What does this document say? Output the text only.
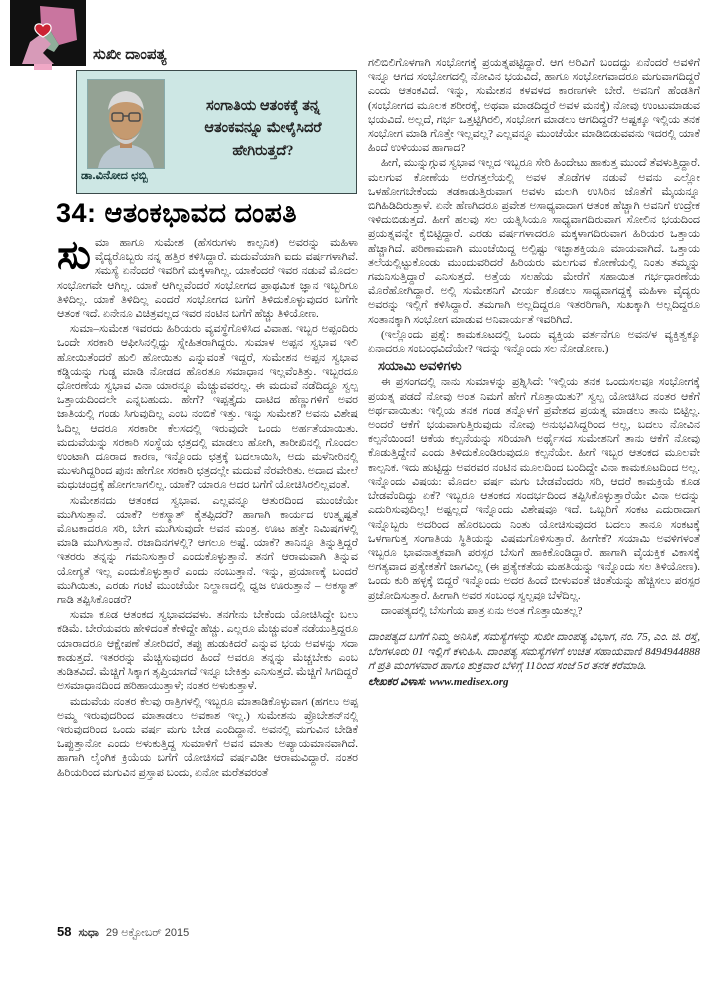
ಸುಖೀ ದಾಂಪತ್ಯ
ಡಾ.ವಿನೋದ ಛಬ್ಬಿ
ಸಂಗಾತಿಯ ಆತಂಕಕ್ಕೆ ತನ್ನ ಆತಂಕವನ್ನೂ ಮೇಳೈಸಿದರೆ ಹೇಗಿರುತ್ತದೆ?
34: ಆತಂಕಭಾವದ ದಂಪತಿ

ಸುಮಾ ಹಾಗೂ ಸುಮೇಶ (ಹೆಸರುಗಳು ಕಾಲ್ಪನಿಕ) ಅವರನ್ನು ಮಹಿಳಾ ವೈದ್ಯರೊಬ್ಬರು ನನ್ನ ಹತ್ತಿರ ಕಳಿಸಿದ್ದಾರೆ. ಮದುವೆಯಾಗಿ ಐದು ವರ್ಷಗಳಾಗಿವೆ. ಸಮಸ್ಯೆ ಏನೆಂದರೆ ಇವರಿಗೆ ಮಕ್ಕಳಾಗಿಲ್ಲ. ಯಾಕೆಂದರೆ ಇವರ ನಡುವೆ ಮೊದಲ ಸಂಭೋಗವೇ ಆಗಿಲ್ಲ. ಯಾಕೆ ಆಗಿಲ್ಲವೆಂದರೆ ಸಂಭೋಗದ ಪ್ರಾಥಮಿಕ ಜ್ಞಾನ ಇಬ್ಬರಿಗೂ ತಿಳಿದಿಲ್ಲ. ಯಾಕೆ ತಿಳಿದಿಲ್ಲ ಎಂದರೆ ಸಂಭೋಗದ ಬಗೆಗೆ ತಿಳಿದುಕೊಳ್ಳುವುದರ ಬಗೆಗೇ ಆತಂಕ ಇದೆ. ಏನೇನೂ ವಿಚಿತ್ರವಲ್ಲದ ಇವರ ನಂಟಿನ ಬಗೆಗೆ ಹೆಚ್ಚು ತಿಳಿಯೋಣ.

ಸುಮಾ–ಸುಮೇಶ ಇವರದು ಹಿರಿಯರು ವ್ಯವಸ್ಥೆಗೊಳಿಸಿದ ವಿವಾಹ. ಇಬ್ಬರ ಅಪ್ಪಂದಿರು ಒಂದೇ ಸರಕಾರಿ ಆಫೀಸಿನಲ್ಲಿದ್ದು ಸ್ನೇಹಿತರಾಗಿದ್ದರು. ಸುಮಾಳ ಅಪ್ಪನ ಸ್ವಭಾವ ಇಲಿ ಹೋಯಿತೆಂದರೆ ಹುಲಿ ಹೋಯಿತು ಎನ್ನುವಂತೆ ಇದ್ದರೆ, ಸುಮೇಶನ ಅಪ್ಪನ ಸ್ವಭಾವ ಕಡ್ಡಿಯನ್ನು ಗುಡ್ಡ ಮಾಡಿ ನೋಡದ ಹೊರತೂ ಸಮಾಧಾನ ಇಲ್ಲವೆಂತಿತ್ತು. ಇಬ್ಬರದೂ ಧೋರಣೆಯ ಸ್ವಭಾವ ವಿನಾ ಯಾರನ್ನೂ ಮೆಚ್ಚುವವರಲ್ಲ. ಈ ಮದುವೆ ನಡೆದಿದ್ದೂ ಸ್ವಲ್ಪ ಒತ್ತಾಯದಿಂದಲೇ ಎನ್ನಬಹುದು. ಹೇಗೆ? ಇಪ್ಪತ್ತೈದು ದಾಟಿದ ಹೆಣ್ಣುಗಳಿಗೆ ಅವರ ಜಾತಿಯಲ್ಲಿ ಗಂಡು ಸಿಗುವುದಿಲ್ಲ ಎಂಬ ನಂಬಿಕೆ ಇತ್ತು. ಇನ್ನು ಸುಮೇಶ? ಅವನು ವಿಶೇಷ ಓದಿಲ್ಲ ಆದರೂ ಸರಕಾರೀ ಕೆಲಸದಲ್ಲಿ ಇರುವುದೇ ಒಂದು ಅರ್ಹತೆಯಾಯಿತು. ಮದುವೆಯನ್ನು ಸರಕಾರಿ ಸಂಸ್ಥೆಯ ಛತ್ರದಲ್ಲಿ ಮಾಡಲು ಹೋಗಿ, ತಾರೀಖಿನಲ್ಲಿ ಗೊಂದಲ ಉಂಟಾಗಿ ದೂರಾದ ಕಾರಣ, ಇನ್ನೊಂದು ಛತ್ರಕ್ಕೆ ಬದಲಾಯಿಸಿ, ಅದು ಮಳೆನೀರಿನಲ್ಲಿ ಮುಳುಗಿದ್ದರಿಂದ ಪುನಃ ಹೇಗೋ ಸರಕಾರಿ ಛತ್ರದಲ್ಲೇ ಮದುವೆ ನೆರವೇರಿತು. ಅದಾದ ಮೇಲೆ ಮಧುಚಂದ್ರಕ್ಕೆ ಹೋಗಲಾಗಲಿಲ್ಲ. ಯಾಕೆ? ಯಾರೂ ಅದರ ಬಗೆಗೆ ಯೋಚಿಸಿರಲಿಲ್ಲವಂತೆ.

ಸುಮೇಶನದು ಆತಂಕದ ಸ್ವಭಾವ. ಎಲ್ಲವನ್ನೂ ಆತುರದಿಂದ ಮುಂಚೆಯೇ ಮುಗಿಸುತ್ತಾನೆ. ಯಾಕೆ? ಅಕಸ್ಮಾತ್ ಕೈತಪ್ಪಿದರೆ? ಹಾಗಾಗಿ ಕಾರ್ಯದ ಉತ್ಕೃಷ್ಟತೆ ಮೊಟಕಾದರೂ ಸರಿ, ಬೇಗ ಮುಗಿಸುವುದೇ ಅವನ ಮಂತ್ರ. ಊಟ ಹತ್ತೇ ನಿಮಿಷಗಳಲ್ಲಿ ಮಾಡಿ ಮುಗಿಸುತ್ತಾನೆ. ರಜಾದಿನಗಳಲ್ಲಿ? ಆಗಲೂ ಅಷ್ಟೆ. ಯಾಕೆ? ತಾನಿನ್ನೂ ತಿನ್ನುತ್ತಿದ್ದರೆ ಇತರರು ತನ್ನನ್ನು ಗಮನಿಸುತ್ತಾರೆ ಎಂದುಕೊಳ್ಳುತ್ತಾನೆ. ತನಗೆ ಆರಾಮವಾಗಿ ತಿನ್ನುವ ಯೋಗ್ಯತೆ ಇಲ್ಲ ಎಂದುಕೊಳ್ಳುತ್ತಾರೆ ಎಂದು ನಂಬುತ್ತಾನೆ. ಇನ್ನು, ಪ್ರಯಾಣಕ್ಕೆ ಬಂದರೆ ಮುಗಿಯಿತು, ಎರಡು ಗಂಟೆ ಮುಂಚೆಯೇ ನಿಲ್ದಾಣದಲ್ಲಿ ಧ್ವಜ ಊರುತ್ತಾನೆ – ಅಕಸ್ಮಾತ್ ಗಾಡಿ ತಪ್ಪಿಸಿಕೊಂಡರೆ?

ಸುಮಾ ಕೂಡ ಆತಂಕದ ಸ್ವಭಾವದವಳು. ತನಗೇನು ಬೇಕೆಂದು ಯೋಚಿಸಿದ್ದೇ ಬಲು ಕಡಿಮೆ. ಬೇರೆಯವರು ಹೇಳಿದಂತೆ ಕೇಳಿದ್ದೇ ಹೆಚ್ಚು. ಎಲ್ಲರೂ ಮೆಚ್ಚುವಂತೆ ನಡೆಯುತ್ತಿದ್ದರೂ ಯಾರಾದರೂ ಆಕ್ಷೇಪಣೆ ತೋರಿದರೆ, ತಪ್ಪು ಹುಡುಕಿದರೆ ಎನ್ನುವ ಭಯ ಅವಳನ್ನು ಸದಾ ಕಾಡುತ್ತದೆ. ಇತರರನ್ನು ಮೆಚ್ಚಿಸುವುದರ ಹಿಂದೆ ಅವರೂ ತನ್ನನ್ನು ಮೆಚ್ಚಬೇಕು ಎಂಬ ತುಡಿತವಿದೆ. ಮೆಚ್ಚಿಗೆ ಸಿಕ್ಕಾಗ ತೃಪ್ತಿಯಾಗದೆ ಇನ್ನೂ ಬೇಕಿತ್ತು ಎನಿಸುತ್ತದೆ. ಮೆಚ್ಚಿಗೆ ಸಿಗದಿದ್ದರೆ ಅಸಮಾಧಾನದಿಂದ ಹರಿಹಾಯುತ್ತಾಳೆ; ನಂತರ ಅಳುಕುತ್ತಾಳೆ.

ಮದುವೆಯ ನಂತರ ಕೆಲವು ರಾತ್ರಿಗಳಲ್ಲಿ ಇಬ್ಬರೂ ಮಾತಾಡಿಕೊಳ್ಳುವಾಗ (ಹಗಲು ಅಪ್ಪ ಅಮ್ಮ ಇರುವುದರಿಂದ ಮಾತಾಡಲು ಅವಕಾಶ ಇಲ್ಲ.) ಸುಮೇಶನು ಪ್ರೊಬೇಶನ್‌ನಲ್ಲಿ ಇರುವುದರಿಂದ ಒಂದು ವರ್ಷ ಮಗು ಬೇಡ ಎಂದಿದ್ದಾನೆ. ಅವನಲ್ಲಿ ಮಗುವಿನ ಬೇಡಿಕೆ ಒಪ್ಪುತ್ತಾನೋ ಎಂದು ಅಳುಕುತ್ತಿದ್ದ ಸುಮಾಳಿಗೆ ಅವನ ಮಾತು ಅಪ್ಯಾಯಮಾನವಾಗಿದೆ. ಹಾಗಾಗಿ ಲೈಂಗಿಕ ಕ್ರಿಯೆಯ ಬಗೆಗೆ ಯೋಚಿಸದೆ ವರ್ಷವಿಡೀ ಆರಾಮವಿದ್ದಾರೆ. ನಂತರ ಹಿರಿಯರಿಂದ ಮಗುವಿನ ಪ್ರಸ್ತಾಪ ಬಂದು, ಏನೋ ಮರೆತವರಂತೆ

ಗಲಿಬಿಲಿಗೊಳಗಾಗಿ ಸಂಭೋಗಕ್ಕೆ ಪ್ರಯತ್ನಪಟ್ಟಿದ್ದಾರೆ. ಆಗ ಅರಿವಿಗೆ ಬಂದದ್ದು ಏನೆಂದರೆ ಅವಳಿಗೆ ಇನ್ನೂ ಆಗದ ಸಂಭೋಗದಲ್ಲಿ ನೋವಿನ ಭಯವಿದೆ, ಹಾಗೂ ಸಂಭೋಗವಾದರೂ ಮಗುವಾಗದಿದ್ದರೆ ಎಂದು ಆತಂಕವಿದೆ. ಇನ್ನು, ಸುಮೇಶನ ಕಳವಳದ ಕಾರಣಗಳೇ ಬೇರೆ. ಅವನಿಗೆ ಹೆಂಡತಿಗೆ (ಸಂಭೋಗದ ಮೂಲಕ ಶರೀರಕ್ಕೆ, ಅಥವಾ ಮಾಡದಿದ್ದರೆ ಅವಳ ಮನಕ್ಕೆ) ನೋವು ಉಂಟುಮಾಡುವ ಭಯವಿದೆ. ಅಲ್ಲದೆ, ಗರ್ಭ ಒತ್ತಟ್ಟಿಗಿರಲಿ, ಸಂಭೋಗ ಮಾಡಲು ಆಗದಿದ್ದರೆ? ಅಷ್ಟಕ್ಕೂ ಇಲ್ಲಿಯ ತನಕ ಸಂಭೋಗ ಮಾಡಿ ಗೊತ್ತೇ ಇಲ್ಲವಲ್ಲ? ಎಲ್ಲವನ್ನೂ ಮುಂಚೆಯೇ ಮಾಡಿಬಿಡುವವನು ಇದರಲ್ಲಿ ಯಾಕೆ ಹಿಂದೆ ಉಳಿಯುವ ಹಾಗಾದ?

ಹೀಗೆ, ಮುನ್ನುಗ್ಗುವ ಸ್ವಭಾವ ಇಲ್ಲದ ಇಬ್ಬರೂ ಸೇರಿ ಹಿಂದೇಟು ಹಾಕುತ್ತ ಮುಂದೆ ತೆವಳುತ್ತಿದ್ದಾರೆ. ಮಲಗುವ ಕೋಣೆಯ ಅರೆಗತ್ತಲೆಯಲ್ಲಿ ಅವಳ ತೊಡೆಗಳ ನಡುವೆ ಅವನು ಎಲ್ಲೋ ಒಳಹೋಗಬೇಕೆಂದು ತಡಕಾಡುತ್ತಿರುವಾಗ ಅವಳು ಮಲಗಿ ಉಸಿರಿನ ಜೊತೆಗೆ ಮೈಯನ್ನೂ ಬಿಗಿಹಿಡಿದಿರುತ್ತಾಳೆ. ಏನೇ ಹೆಣಗಿದರೂ ಪ್ರವೇಶ ಅಸಾಧ್ಯವಾದಾಗ ಆತಂಕ ಹೆಚ್ಚಾಗಿ ಅವನಿಗೆ ಉದ್ರೇಕ ಇಳಿದುಬಿಡುತ್ತದೆ. ಹೀಗೆ ಹಲವು ಸಲ ಯತ್ನಿಸಿಯೂ ಸಾಧ್ಯವಾಗದಿರುವಾಗ ಸೋಲಿನ ಭಯದಿಂದ ಪ್ರಯತ್ನವನ್ನೇ ಕೈಬಿಟ್ಟಿದ್ದಾರೆ. ಎರಡು ವರ್ಷಗಳಾದರೂ ಮಕ್ಕಳಾಗದಿರುವಾಗ ಹಿರಿಯರ ಒತ್ತಾಯ ಹೆಚ್ಚಾಗಿದೆ. ಪರಿಣಾಮವಾಗಿ ಮುಂಚೆಯಿದ್ದ ಅಲ್ಪಿಷ್ಟು ಇಚ್ಛಾಶಕ್ತಿಯೂ ಮಾಯವಾಗಿದೆ. ಒತ್ತಾಯ ತಲೆಯಲ್ಲಿಟ್ಟುಕೊಂಡು ಮುಂದುವರಿದರೆ ಹಿರಿಯರು ಮಲಗುವ ಕೋಣೆಯಲ್ಲಿ ನಿಂತು ತಮ್ಮನ್ನು ಗಮನಿಸುತ್ತಿದ್ದಾರೆ ಎನಿಸುತ್ತದೆ. ಅತ್ತೆಯ ಸಲಹೆಯ ಮೇರೆಗೆ ಸಹಾಯಿತ ಗರ್ಭಧಾರಣೆಯ ಮೊರೆಹೋಗಿದ್ದಾರೆ. ಅಲ್ಲಿ ಸುಮೇಶನಿಗೆ ವೀರ್ಯ ಕೊಡಲು ಸಾಧ್ಯವಾಗದ್ದಕ್ಕೆ ಮಹಿಳಾ ವೈದ್ಯರು ಅವರನ್ನು ಇಲ್ಲಿಗೆ ಕಳಿಸಿದ್ದಾರೆ. ತಮಗಾಗಿ ಅಲ್ಲದಿದ್ದರೂ ಇತರರಿಗಾಗಿ, ಸುಖಕ್ಕಾಗಿ ಅಲ್ಲದಿದ್ದರೂ ಸಂತಾನಕ್ಕಾಗಿ ಸಂಭೋಗ ಮಾಡುವ ಅನಿವಾರ್ಯತೆ ಇವರಿಗಿದೆ.

(ಇಲ್ಲೊಂದು ಪ್ರಶ್ನೆ: ಕಾಮಕೂಟದಲ್ಲಿ ಒಂದು ವ್ಯಕ್ತಿಯ ವರ್ತನೆಗೂ ಅವನ/ಳ ವ್ಯಕ್ತಿತ್ವಕ್ಕೂ ಏನಾದರೂ ಸಂಬಂಧವಿದೆಯೇ? ಇದನ್ನು ಇನ್ನೊಂದು ಸಲ ನೋಡೋಣ.)

ಸಯಾಮಿ ಅವಳಿಗಳು

ಈ ಪ್ರಸಂಗದಲ್ಲಿ ನಾನು ಸುಮಾಳನ್ನು ಪ್ರಶ್ನಿಸಿದೆ: 'ಇಲ್ಲಿಯ ತನಕ ಒಂದುಸಲವೂ ಸಂಭೋಗಕ್ಕೆ ಪ್ರಯತ್ನ ಪಡದೆ ನೋವು ಅಂತ ನಿಮಗೆ ಹೇಗೆ ಗೊತ್ತಾಯಿತು?' ಸ್ವಲ್ಪ ಯೋಚಿಸಿದ ನಂತರ ಆಕೆಗೆ ಅರ್ಥವಾಯಿತು: ಇಲ್ಲಿಯ ತನಕ ಗಂಡ ತನ್ನೊಳಗೆ ಪ್ರವೇಶದ ಪ್ರಯತ್ನ ಮಾಡಲು ತಾನು ಬಿಟ್ಟಿಲ್ಲ. ಅಂದರೆ ಆಕೆಗೆ ಭಯವಾಗುತ್ತಿರುವುದು ನೋವು ಅನುಭವಿಸಿದ್ದರಿಂದ ಅಲ್ಲ, ಬದಲು ನೋವಿನ ಕಲ್ಪನೆಯಿಂದ! ಆಕೆಯ ಕಲ್ಪನೆಯನ್ನು ಸರಿಯಾಗಿ ಅರ್ಥೈಸದ ಸುಮೇಶನಿಗೆ ತಾನು ಆಕೆಗೆ ನೋವು ಕೊಡುತ್ತಿದ್ದೇನೆ ಎಂದು ತಿಳಿದುಕೊಂಡಿರುವುದೂ ಕಲ್ಪನೆಯೇ. ಹೀಗೆ ಇಬ್ಬರ ಆತಂಕದ ಮೂಲವೇ ಕಾಲ್ಪನಿಕ. ಇದು ಹುಟ್ಟಿದ್ದು ಅವರವರ ನಂಟಿನ ಮೂಲದಿಂದ ಬಂದಿದ್ದೇ ವಿನಾ ಕಾಮಕೂಟದಿಂದ ಅಲ್ಲ. ಇನ್ನೊಂದು ವಿಷಯ: ಮೊದಲ ವರ್ಷ ಮಗು ಬೇಡವೆಂದರು ಸರಿ, ಆದರೆ ಕಾಮಕ್ರಿಯೆ ಕೂಡ ಬೇಡವೆಂದಿದ್ದು ಏಕೆ? ಇಬ್ಬರೂ ಆತಂಕದ ಸಂದರ್ಭದಿಂದ ತಪ್ಪಿಸಿಕೊಳ್ಳುತ್ತಾರೆಯೇ ವಿನಾ ಅದನ್ನು ಎದುರಿಸುವುದಿಲ್ಲ! ಅಷ್ಟಲ್ಲದೆ ಇನ್ನೊಂದು ವಿಶೇಷವೂ ಇದೆ. ಒಬ್ಬರಿಗೆ ಸಂಕಟ ಎದುರಾದಾಗ ಇನ್ನೊಬ್ಬರು ಅದರಿಂದ ಹೊರಬಂದು ನಿಂತು ಯೋಚಿಸುವುದರ ಬದಲು ತಾನೂ ಸಂಕಟಕ್ಕೆ ಒಳಗಾಗುತ್ತ ಸಂಗಾತಿಯ ಸ್ಥಿತಿಯನ್ನು ವಿಷಮಗೊಳಿಸುತ್ತಾರೆ. ಹೀಗೇಕೆ? ಸಯಾಮಿ ಅವಳಿಗಳಂತೆ ಇಬ್ಬರೂ ಭಾವನಾತ್ಮಕವಾಗಿ ಪರಸ್ಪರ ಬೆಸುಗೆ ಹಾಕಿಕೊಂಡಿದ್ದಾರೆ. ಹಾಗಾಗಿ ವೈಯಕ್ತಿಕ ವಿಕಾಸಕ್ಕೆ ಅಗತ್ಯವಾದ ಪ್ರತ್ಯೇಕತೆಗೆ ಜಾಗವಿಲ್ಲ (ಈ ಪ್ರತ್ಯೇಕತೆಯ ಮಹತಿಯನ್ನು ಇನ್ನೊಂದು ಸಲ ತಿಳಿಯೋಣ). ಒಂದು ಕುರಿ ಹಳ್ಳಕ್ಕೆ ಬಿದ್ದರೆ ಇನ್ನೊಂದು ಅದರ ಹಿಂದೆ ಬೀಳುವಂತೆ ಚಿಂತೆಯನ್ನು ಹೆಚ್ಚಿಸಲು ಪರಸ್ಪರ ಪ್ರಚೋದಿಸುತ್ತಾರೆ. ಹೀಗಾಗಿ ಅವರ ಸಂಬಂಧ ಸ್ವಲ್ಪವೂ ಬೆಳೆದಿಲ್ಲ.

ದಾಂಪತ್ಯದಲ್ಲಿ ಬೆಸುಗೆಯ ಪಾತ್ರ ಏನು ಅಂತ ಗೊತ್ತಾಯಿತಲ್ಲ?

ದಾಂಪತ್ಯದ ಬಗೆಗೆ ನಿಮ್ಮ ಅನಿಸಿಕೆ, ಸಮಸ್ಯೆಗಳನ್ನು ಸುಖೀ ದಾಂಪತ್ಯ ವಿಭಾಗ, ನಂ. 75, ಎಂ. ಜಿ. ರಸ್ತೆ, ಬೆಂಗಳೂರು 01 ಇಲ್ಲಿಗೆ ಕಳುಹಿಸಿ. ದಾಂಪತ್ಯ ಸಮಸ್ಯೆಗಳಿಗೆ ಉಚಿತ ಸಹಾಯವಾಣಿ 8494944888 ಗೆ ಪ್ರತಿ ಮಂಗಳವಾರ ಹಾಗೂ ಶುಕ್ರವಾರ ಬೆಳಿಗ್ಗೆ 11ರಿಂದ ಸಂಜೆ 5ರ ತನಕ ಕರೆಮಾಡಿ.
ಲೇಖಕರ ವಿಳಾಸ: www.medisex.org
58 ಸುಧಾ 29 ಅಕ್ಟೋಬರ್ 2015
